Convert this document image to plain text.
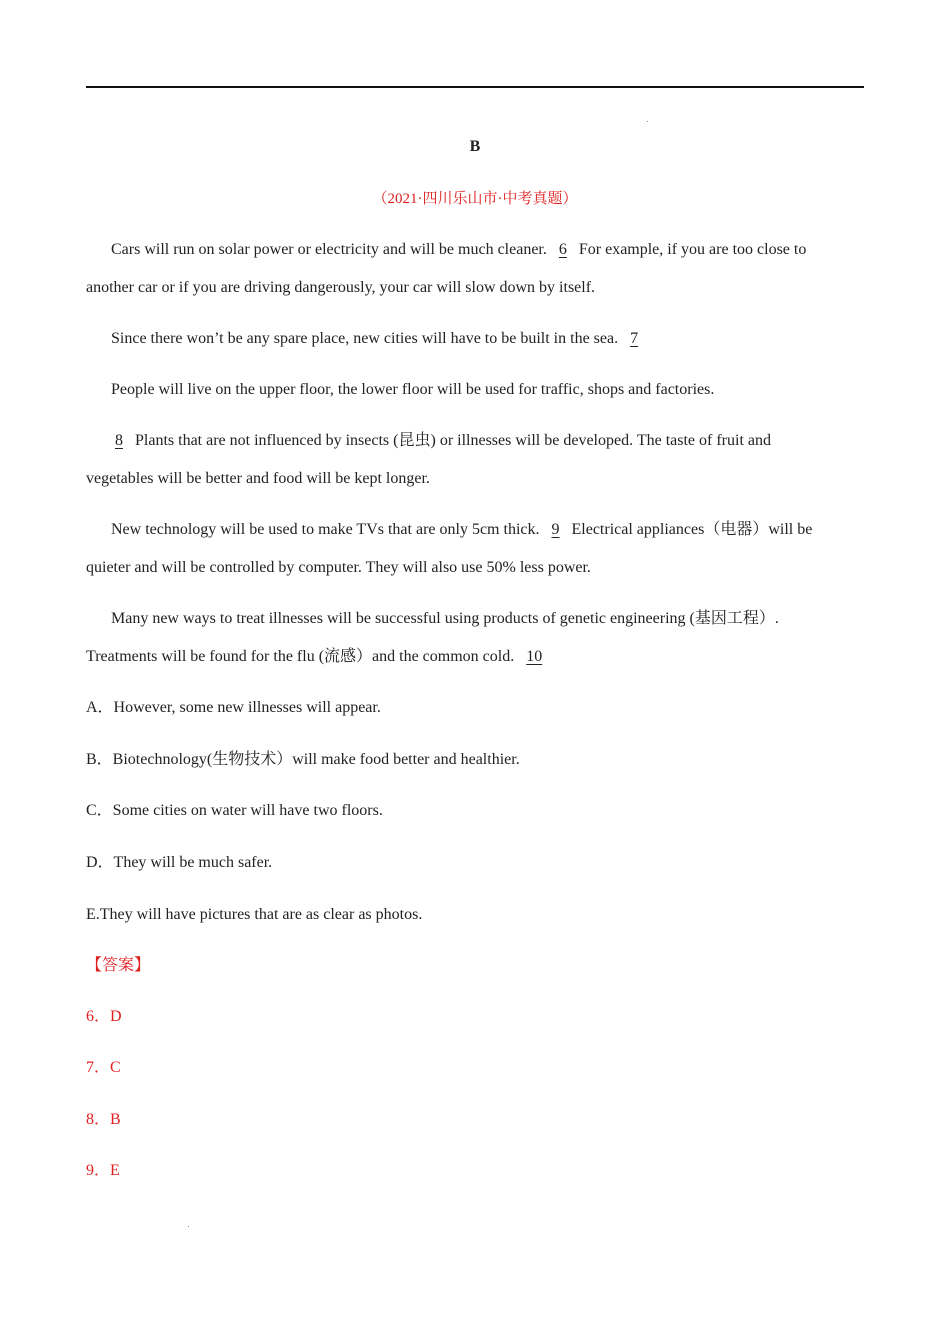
B
（2021·四川乐山市·中考真题）
Cars will run on solar power or electricity and will be much cleaner. 6 For example, if you are too close to
another car or if you are driving dangerously, your car will slow down by itself.
Since there won’t be any spare place, new cities will have to be built in the sea. 7
People will live on the upper floor, the lower floor will be used for traffic, shops and factories.
8 Plants that are not influenced by insects (昆虫) or illnesses will be developed. The taste of fruit and
vegetables will be better and food will be kept longer.
New technology will be used to make TVs that are only 5cm thick. 9 Electrical appliances（电器）will be
quieter and will be controlled by computer. They will also use 50% less power.
Many new ways to treat illnesses will be successful using products of genetic engineering (基因工程）.
Treatments will be found for the flu (流感）and the common cold. 10
A．However, some new illnesses will appear.
B．Biotechnology(生物技术）will make food better and healthier.
C．Some cities on water will have two floors.
D．They will be much safer.
E.They will have pictures that are as clear as photos.
【答案】
6．D
7．C
8．B
9．E
